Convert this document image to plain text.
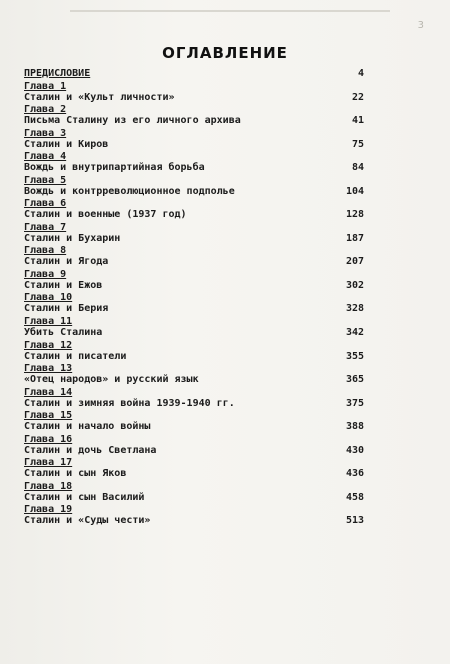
3
ОГЛАВЛЕНИЕ
ПРЕДИСЛОВИЕ	4
Глава 1
Сталин и «Культ личности»	22
Глава 2
Письма Сталину из его личного архива	41
Глава 3
Сталин и Киров	75
Глава 4
Вождь и внутрипартийная борьба	84
Глава 5
Вождь и контрреволюционное подполье	104
Глава 6
Сталин и военные (1937 год)	128
Глава 7
Сталин и Бухарин	187
Глава 8
Сталин и Ягода	207
Глава 9
Сталин и Ежов	302
Глава 10
Сталин и Берия	328
Глава 11
Убить Сталина	342
Глава 12
Сталин и писатели	355
Глава 13
«Отец народов» и русский язык	365
Глава 14
Сталин и зимняя война 1939-1940 гг.	375
Глава 15
Сталин и начало войны	388
Глава 16
Сталин и дочь Светлана	430
Глава 17
Сталин и сын Яков	436
Глава 18
Сталин и сын Василий	458
Глава 19
Сталин и «Суды чести»	513
